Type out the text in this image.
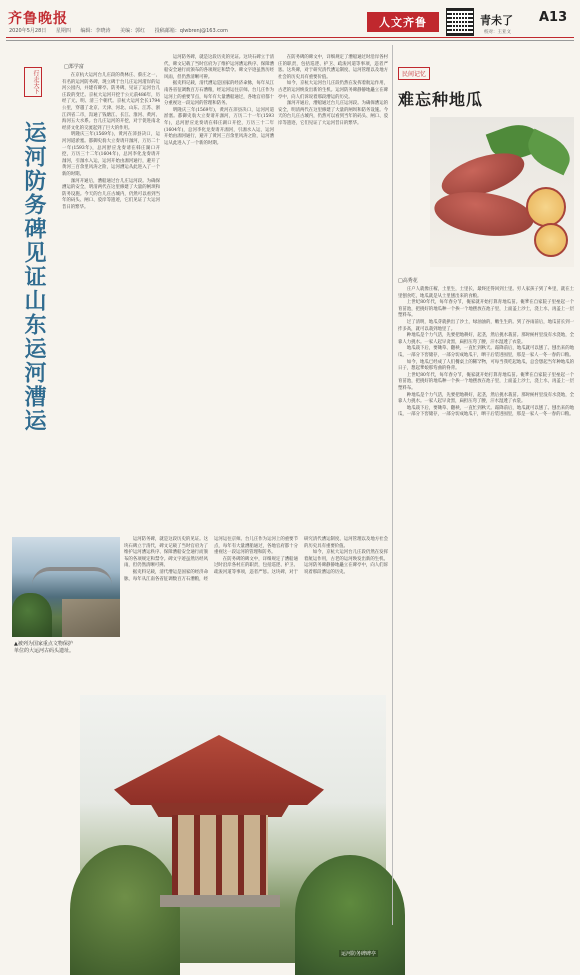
齐鲁晚报
2020年5月28日 星期四 编辑：李晓涛 美编：郭红 投稿邮箱：qlwbrenj@163.com
人文齐鲁	青未了 A13
校对：王亚文
行走天下
运河防务碑见证山东运河漕运
□郑学富

在京杭大运河台儿庄段的黄林庄、蔡庄之一，有名的运河防务碑，现立碑于台儿庄运河渚岸的运河公园内，并建有碑亭。防务碑，见证了运河台儿庄段的变迁。京杭大运河开挖于公元前486年，历经了元、明、清三个朝代。京杭大运河全长1794公里，穿越了北京、天津、河北、山东、江苏、浙江四省二市，沟通了钱塘江、长江、淮河、黄河、海河五大水系。台儿庄运河的开挖，对于促进南北经济文化的交流起到了巨大的作用。

明隆庆三年(1569年)，黄河在沛县决口，运河河道淤塞。都御史翁大立奏请开泇河，万历二十一年(1593年)，总河舒应龙奏请在韩庄湖口开挖，万历三十二年(1604年)，总河李化龙奏请开泇河，引泇水入运，运河开始由泇河通行，避开了黄河三百余里风涛之险，运河漕运从此进入了一个新的时期。

泇河开通后，漕船通过台儿庄运河段。为确保漕运的安全，明清两代在这里修建了大量的闸坝和防务设施。今天的台儿庄古城内，仍然可以看到当年的码头、闸口、驳岸等遗迹，它们见证了大运河昔日的繁华。

运河防务碑，就是这段历史的见证。这块石碑立于清代，碑文记载了当时官府为了维护运河漕运秩序、保障漕船安全通行而颁布的各项规定和禁令。碑文字迹虽然历经风雨，但仍然清晰可辨。

据史料记载，清代漕运是国家的经济命脉，每年从江南各省征调数百万石漕粮，经运河运往京师。台儿庄作为运河上的重要节点，每年有大量漕船通过，各地官府都十分重视这一段运河的管理和防务。

明隆庆三年(1569年)，黄河在沛县决口，运河河道淤塞。都御史翁大立奏请开泇河，万历二十一年(1593年)，总河舒应龙奏请在韩庄湖口开挖，万历三十二年(1604年)，总河李化龙奏请开泇河，引泇水入运，运河开始由泇河通行，避开了黄河三百余里风涛之险，运河漕运从此进入了一个新的时期。

在防务碑的碑文中，详细规定了漕船通过时沿岸各村庄的职责，包括巡逻、护卫、疏浚河道等事项，违者严惩。这块碑，对于研究清代漕运制度、运河管理以及地方社会的历史具有重要价值。

如今，京杭大运河台儿庄段仍然在发挥着航运作用，古老的运河焕发出新的生机。运河防务碑静静地矗立在碑亭中，向人们诉说着那段漕运的历史。

泇河开通后，漕船通过台儿庄运河段。为确保漕运的安全，明清两代在这里修建了大量的闸坝和防务设施。今天的台儿庄古城内，仍然可以看到当年的码头、闸口、驳岸等遗迹，它们见证了大运河昔日的繁华。

▲被列为国家重点文物保护单位的大运河古码头遗址。

运河防务碑，就是这段历史的见证。这块石碑立于清代，碑文记载了当时官府为了维护运河漕运秩序、保障漕船安全通行而颁布的各项规定和禁令。碑文字迹虽然历经风雨，但仍然清晰可辨。

据史料记载，清代漕运是国家的经济命脉，每年从江南各省征调数百万石漕粮，经运河运往京师。台儿庄作为运河上的重要节点，每年有大量漕船通过，各地官府都十分重视这一段运河的管理和防务。

在防务碑的碑文中，详细规定了漕船通过时沿岸各村庄的职责，包括巡逻、护卫、疏浚河道等事项，违者严惩。这块碑，对于研究清代漕运制度、运河管理以及地方社会的历史具有重要价值。

如今，京杭大运河台儿庄段仍然在发挥着航运作用，古老的运河焕发出新的生机。运河防务碑静静地矗立在碑亭中，向人们诉说着那段漕运的历史。

运河防务碑碑亭
民间记忆
难忘种地瓜
□高秀花

庄户人就像庄稼，土里生，土里长，最终还得回到土里。穷人家孩子到了乡里，就在土里刨食吃，地瓜就是从土里刨出来的食粮。

上世纪80年代，每年春分节，俺家就开始打算育地瓜苗。俺爹在自家院子里垒起一个育苗池，把挑好的地瓜种一个挨一个地摆放在池子里，上面盖上沙土，浇上水，再盖上一层塑料布。

过了清明，地瓜芽就拱出了沙土，绿油油的，嫩生生的。到了谷雨前后，地瓜苗长到一拃多高，就可以栽到地里了。

种地瓜是个力气活，先要把地耕好，起垄，然后挑水栽苗。那时候村里没有水浇地，全靠人力挑水。一家人起早贪黑，扁担压弯了腰，汗水湿透了衣裳。

地瓜栽下后，要锄草、翻秧，一直忙到秋天。霜降前后，地瓜就可以刨了。刨出来的地瓜，一部分下窖储存，一部分切成地瓜干，晒干后装进囤里，那是一家人一冬一春的口粮。

如今，地瓜已经成了人们餐桌上的稀罕物，可每当我吃起地瓜，总会想起当年种地瓜的日子，想起爹娘那弯曲的脊背。

上世纪80年代，每年春分节，俺家就开始打算育地瓜苗。俺爹在自家院子里垒起一个育苗池，把挑好的地瓜种一个挨一个地摆放在池子里，上面盖上沙土，浇上水，再盖上一层塑料布。

种地瓜是个力气活，先要把地耕好，起垄，然后挑水栽苗。那时候村里没有水浇地，全靠人力挑水。一家人起早贪黑，扁担压弯了腰，汗水湿透了衣裳。

地瓜栽下后，要锄草、翻秧，一直忙到秋天。霜降前后，地瓜就可以刨了。刨出来的地瓜，一部分下窖储存，一部分切成地瓜干，晒干后装进囤里，那是一家人一冬一春的口粮。
